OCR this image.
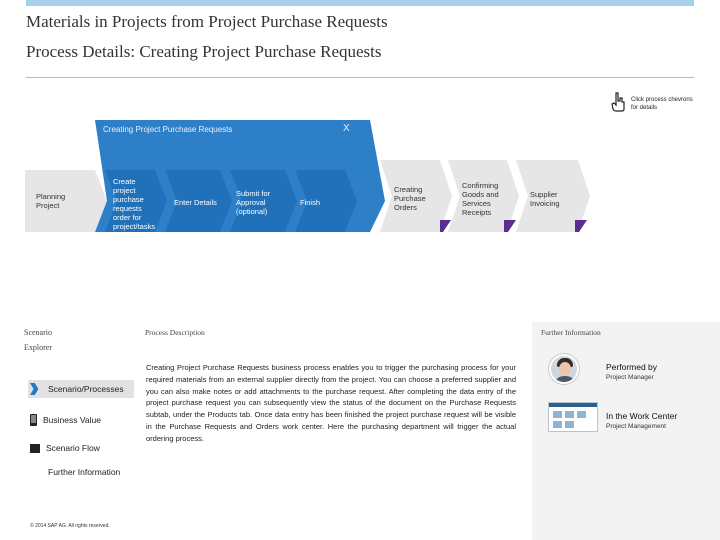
Materials in Projects from Project Purchase Requests
Process Details: Creating Project Purchase Requests
Click process chevrons for details
Creating Project Purchase Requests	X
Planning Project
Create project purchase requests order for project/tasks
Enter Details
Submit for Approval (optional)
Finish
Creating Purchase Orders
Confirming Goods and Services Receipts
Supplier Invoicing
Scenario
Explorer
Scenario/Processes
Business Value
Scenario Flow
Further Information
© 2014 SAP AG. All rights reserved.
Process Description
Creating Project Purchase Requests business process enables you to trigger the purchasing process for your required materials from an external supplier directly from the project. You can choose a preferred supplier and you can also make notes or add attachments to the purchase request. After completing the data entry of the project purchase request you can subsequently view the status of the document on the Purchase Requests subtab, under the Products tab. Once data entry has been finished the project purchase request will be visible in the Purchase Requests and Orders work center. Here the purchasing department will trigger the actual ordering process.
Further Information
Performed by
Project Manager
In the Work Center
Project Management
